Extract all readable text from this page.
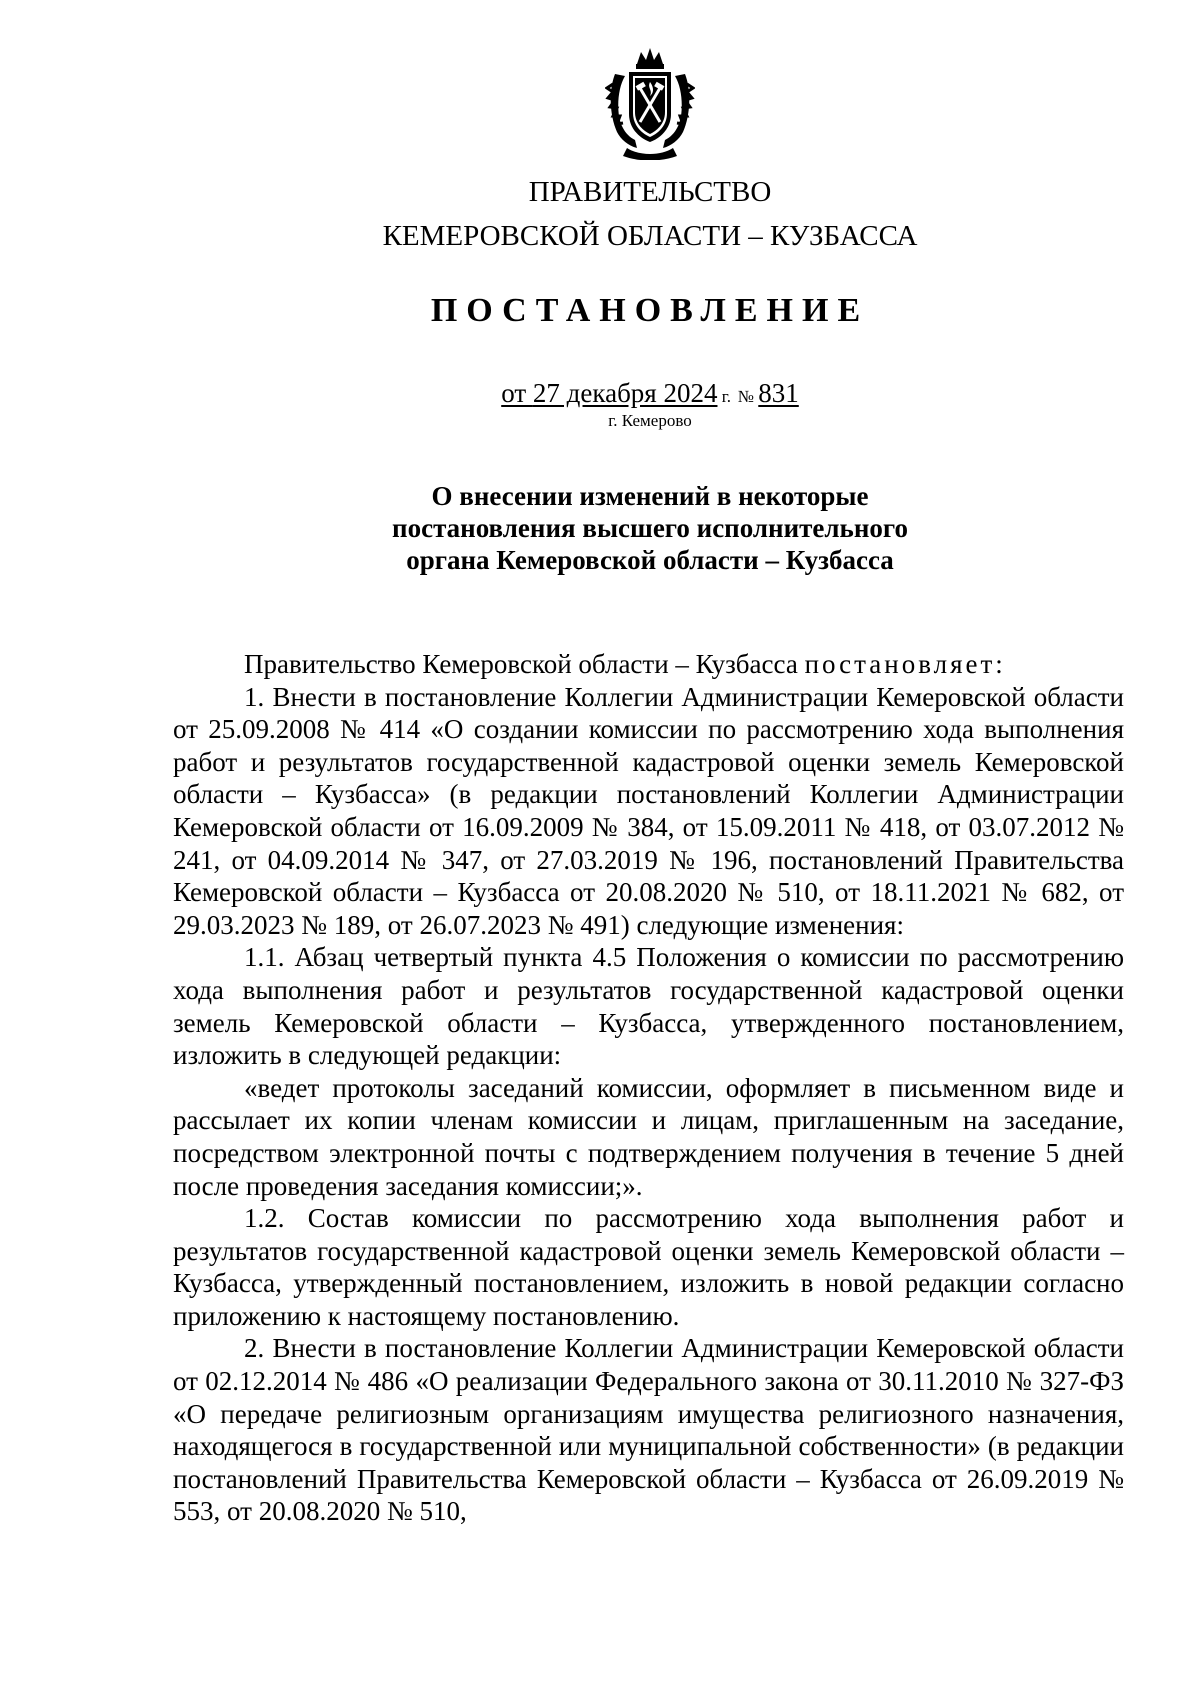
ПРАВИТЕЛЬСТВО
КЕМЕРОВСКОЙ ОБЛАСТИ – КУЗБАССА
ПОСТАНОВЛЕНИЕ
от 27 декабря 2024 г. № 831
г. Кемерово
О внесении изменений в некоторые
постановления высшего исполнительного
органа Кемеровской области – Кузбасса

Правительство Кемеровской области – Кузбасса постановляет:

1. Внести в постановление Коллегии Администрации Кемеровской области от 25.09.2008 № 414 «О создании комиссии по рассмотрению хода выполнения работ и результатов государственной кадастровой оценки земель Кемеровской области – Кузбасса» (в редакции постановлений Коллегии Администрации Кемеровской области от 16.09.2009 № 384, от 15.09.2011 № 418, от 03.07.2012 № 241, от 04.09.2014 № 347, от 27.03.2019 № 196, постановлений Правительства Кемеровской области – Кузбасса от 20.08.2020 № 510, от 18.11.2021 № 682, от 29.03.2023 № 189, от 26.07.2023 № 491) следующие изменения:

1.1. Абзац четвертый пункта 4.5 Положения о комиссии по рассмотрению хода выполнения работ и результатов государственной кадастровой оценки земель Кемеровской области – Кузбасса, утвержденного постановлением, изложить в следующей редакции:

«ведет протоколы заседаний комиссии, оформляет в письменном виде и рассылает их копии членам комиссии и лицам, приглашенным на заседание, посредством электронной почты с подтверждением получения в течение 5 дней после проведения заседания комиссии;».

1.2. Состав комиссии по рассмотрению хода выполнения работ и результатов государственной кадастровой оценки земель Кемеровской области – Кузбасса, утвержденный постановлением, изложить в новой редакции согласно приложению к настоящему постановлению.

2. Внести в постановление Коллегии Администрации Кемеровской области от 02.12.2014 № 486 «О реализации Федерального закона от 30.11.2010 № 327-ФЗ «О передаче религиозным организациям имущества религиозного назначения, находящегося в государственной или муниципальной собственности» (в редакции постановлений Правительства Кемеровской области – Кузбасса от 26.09.2019 № 553, от 20.08.2020 № 510,
